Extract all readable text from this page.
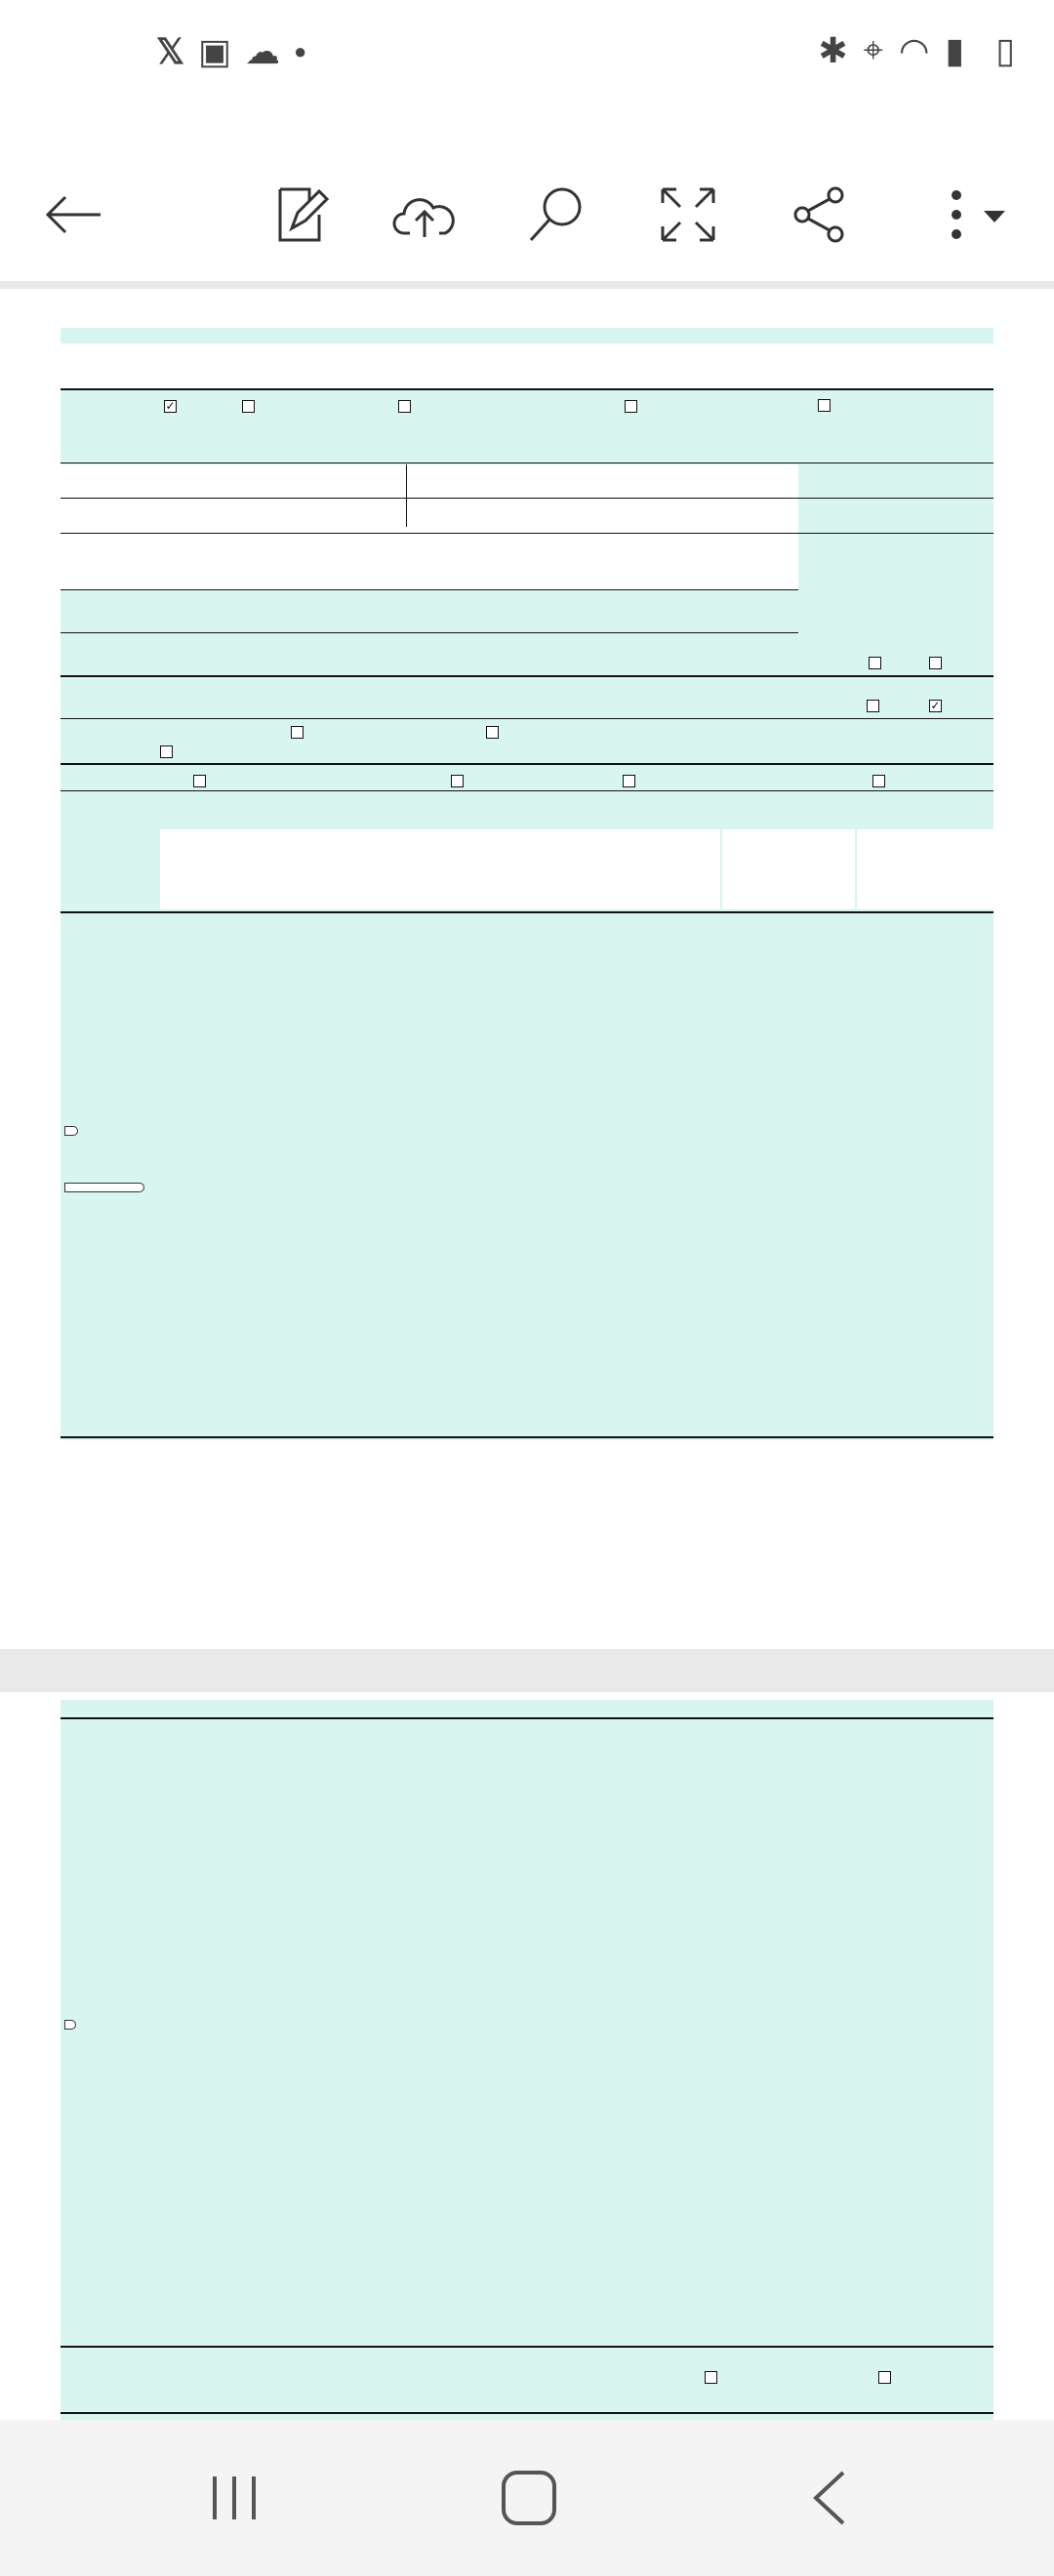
𝕏 ▣ ☁ ●	✱ ⌖ ◠ ▮ ▯
✓
✓
